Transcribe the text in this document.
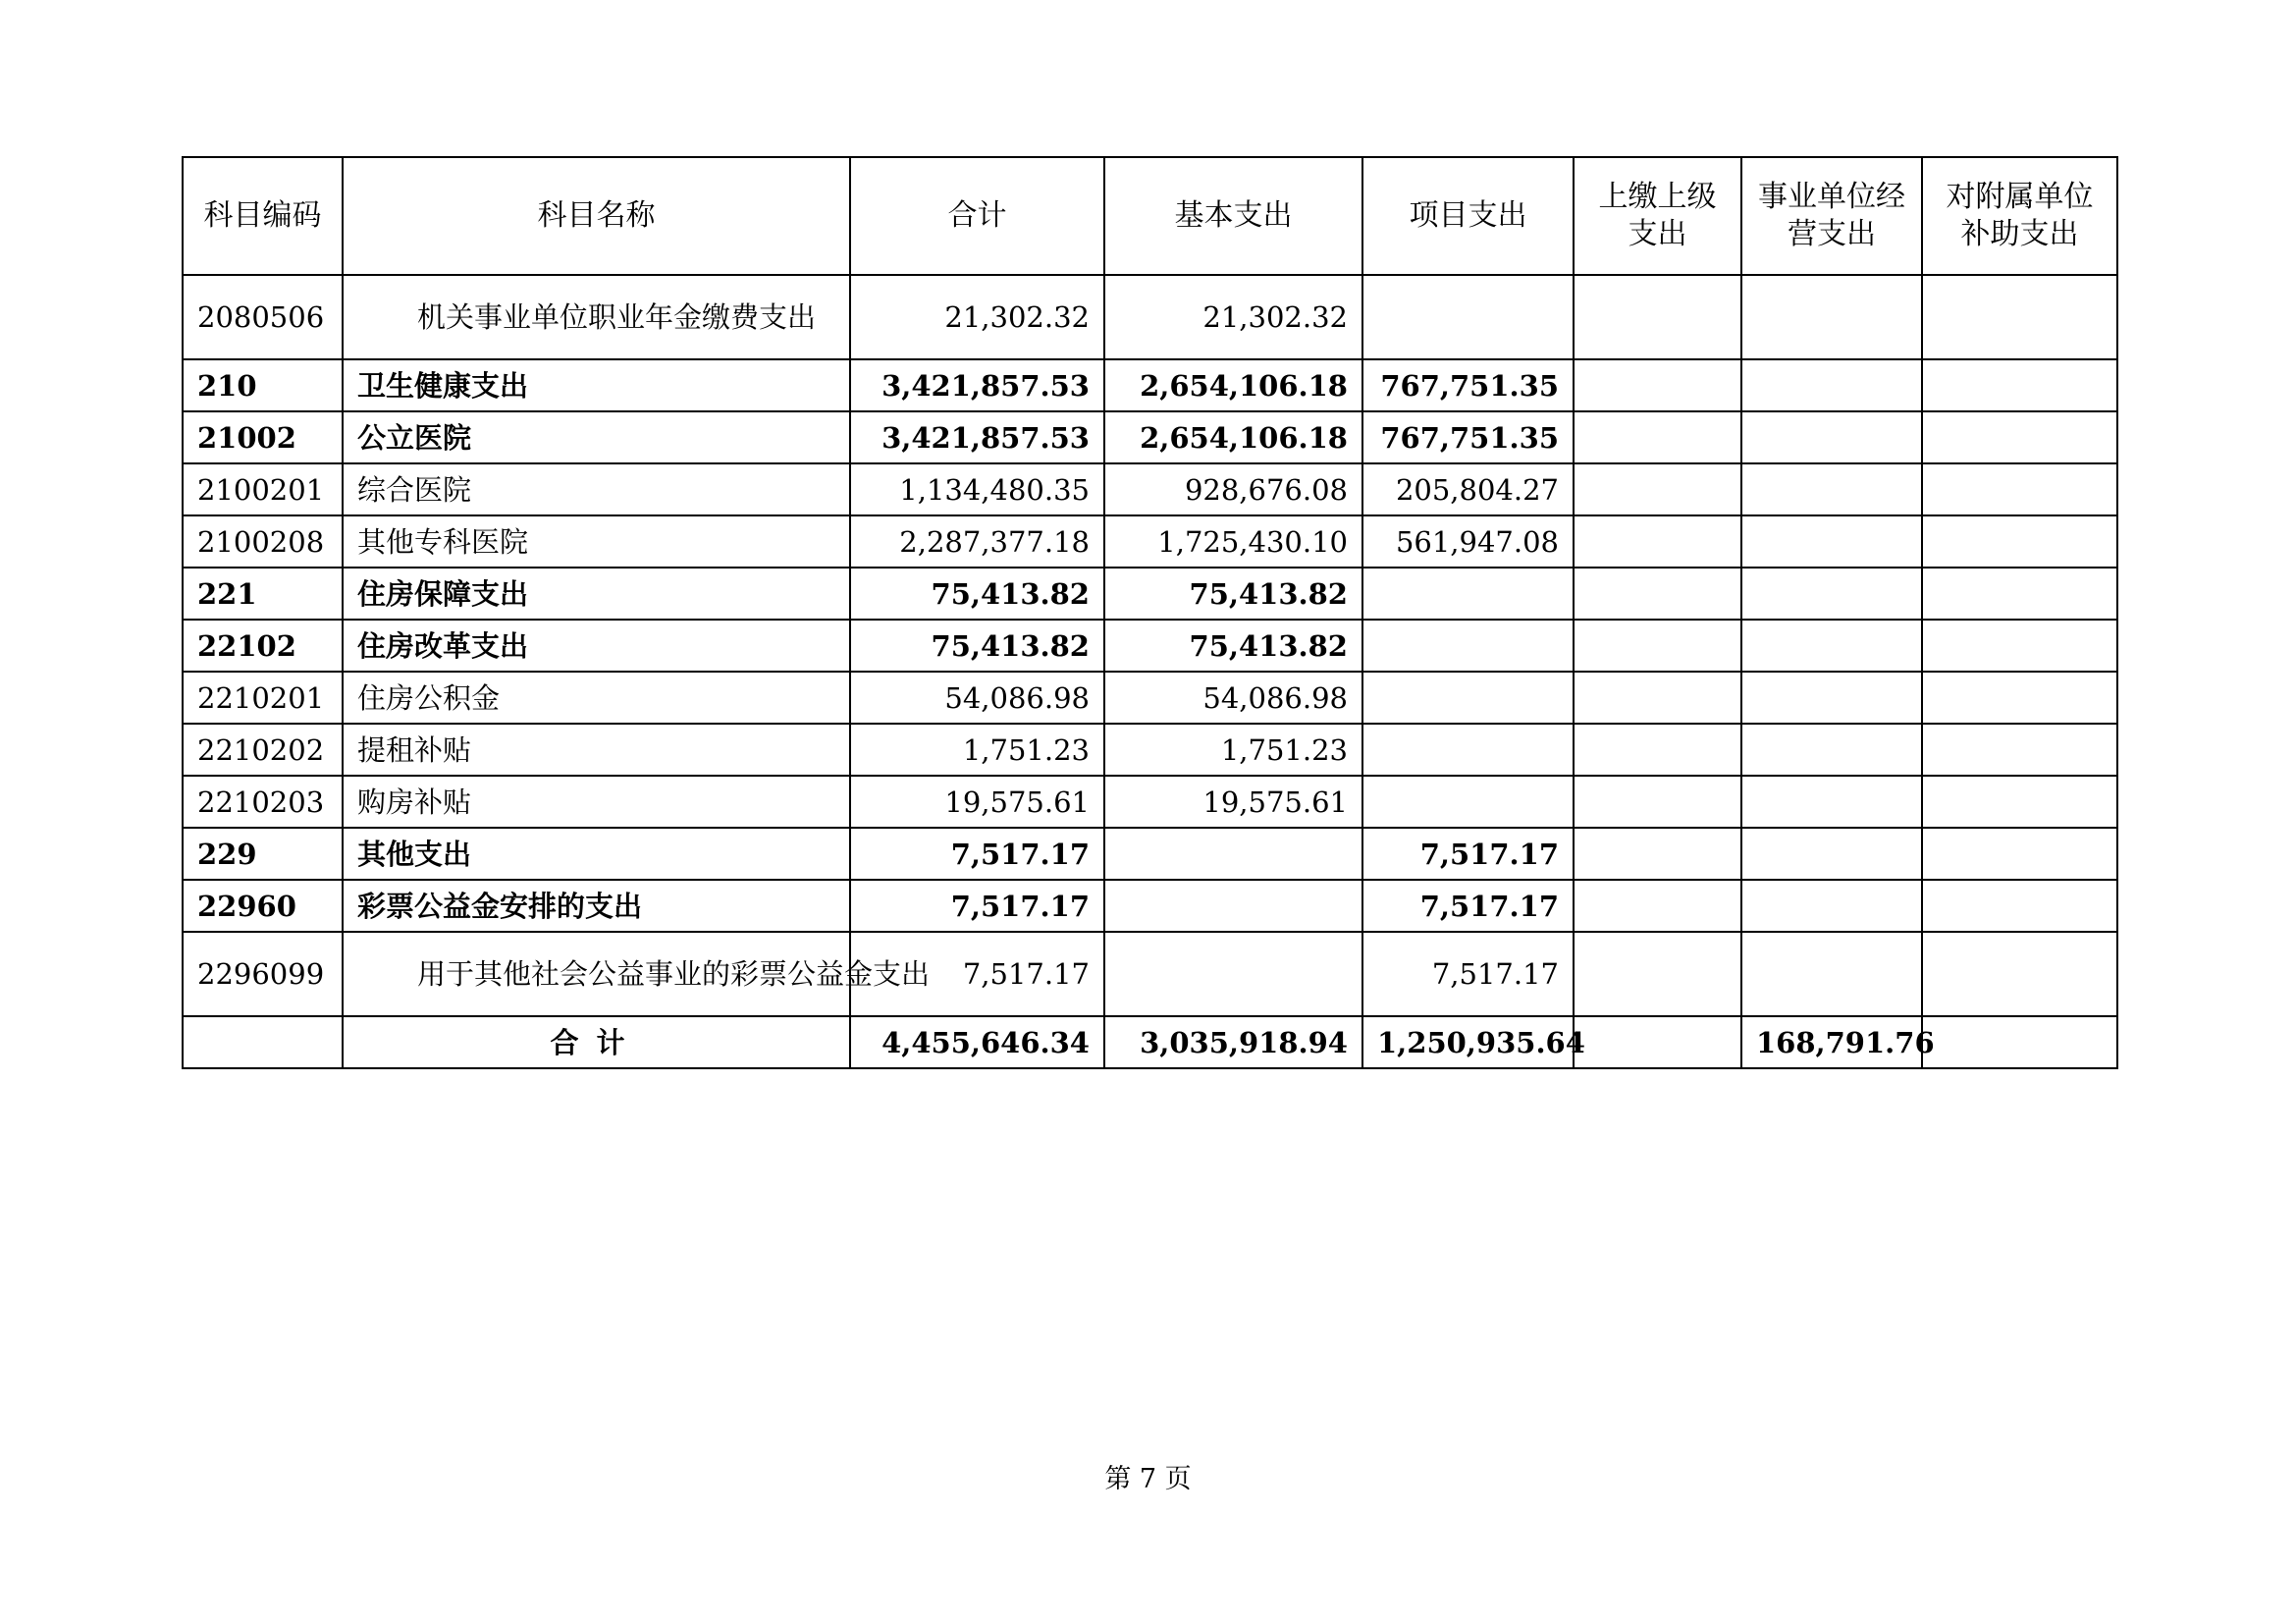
科目编码	科目名称	合计	基本支出	项目支出	上缴上级支出	事业单位经营支出	对附属单位补助支出
2080506	机关事业单位职业年金缴费支出	21,302.32	21,302.32				
210	卫生健康支出	3,421,857.53	2,654,106.18	767,751.35			
21002	公立医院	3,421,857.53	2,654,106.18	767,751.35			
2100201	综合医院	1,134,480.35	928,676.08	205,804.27			
2100208	其他专科医院	2,287,377.18	1,725,430.10	561,947.08			
221	住房保障支出	75,413.82	75,413.82				
22102	住房改革支出	75,413.82	75,413.82				
2210201	住房公积金	54,086.98	54,086.98				
2210202	提租补贴	1,751.23	1,751.23				
2210203	购房补贴	19,575.61	19,575.61				
229	其他支出	7,517.17		7,517.17			
22960	彩票公益金安排的支出	7,517.17		7,517.17			
2296099	用于其他社会公益事业的彩票公益金支出	7,517.17		7,517.17			
	合计	4,455,646.34	3,035,918.94	1,250,935.64		168,791.76	
第 7 页
